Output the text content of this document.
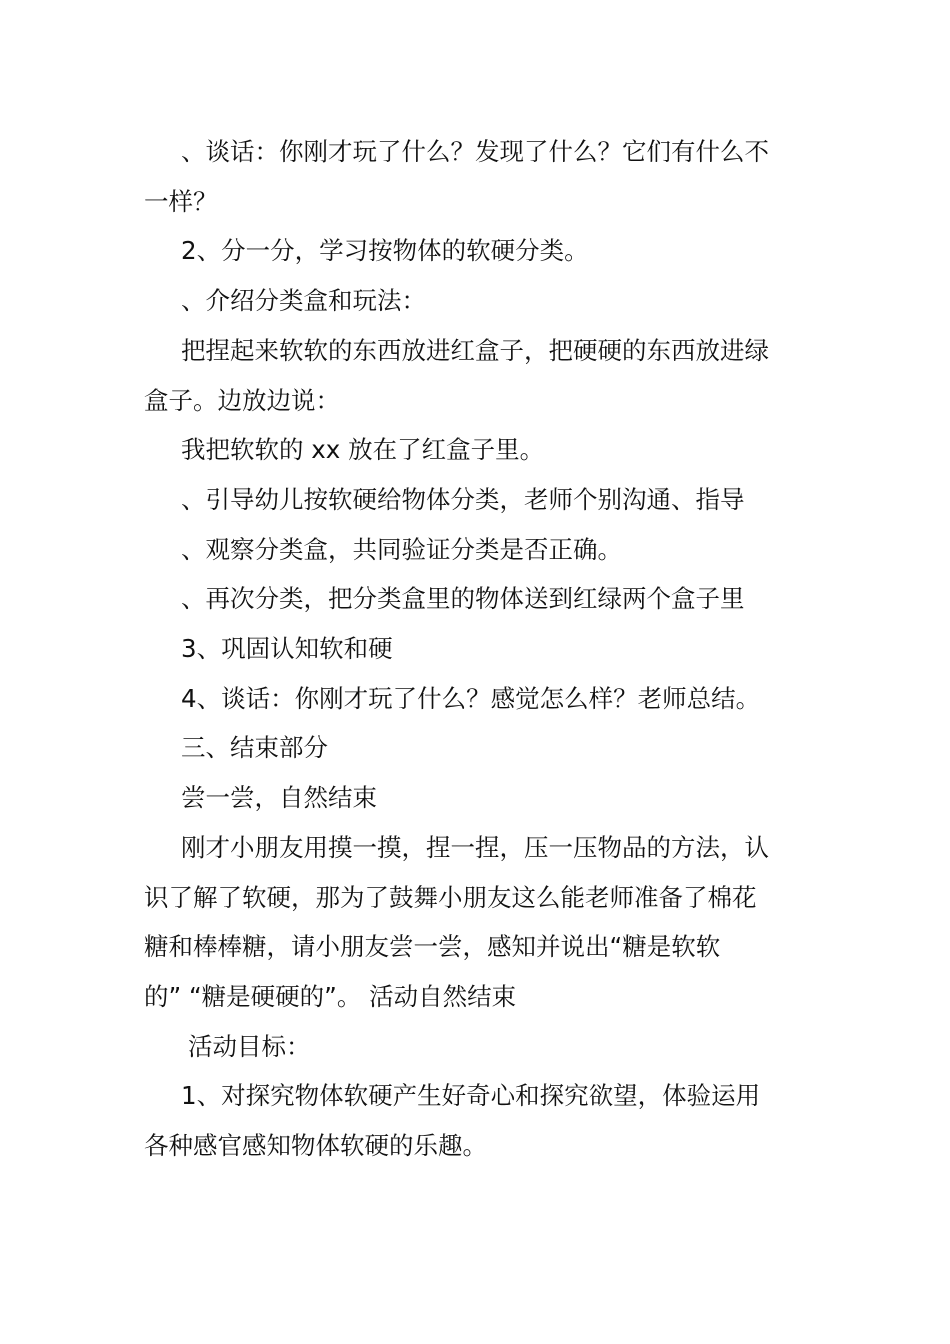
、谈话：你刚才玩了什么？发现了什么？它们有什么不
一样？

2、分一分，学习按物体的软硬分类。

、介绍分类盒和玩法：

把捏起来软软的东西放进红盒子，把硬硬的东西放进绿
盒子。边放边说：

我把软软的 xx 放在了红盒子里。

、引导幼儿按软硬给物体分类，老师个别沟通、指导

、观察分类盒，共同验证分类是否正确。

、再次分类，把分类盒里的物体送到红绿两个盒子里

3、巩固认知软和硬

4、谈话：你刚才玩了什么？感觉怎么样？老师总结。

三、结束部分

尝一尝，自然结束

刚才小朋友用摸一摸，捏一捏，压一压物品的方法，认
识了解了软硬，那为了鼓舞小朋友这么能老师准备了棉花
糖和棒棒糖，请小朋友尝一尝，感知并说出“糖是软软
的” “糖是硬硬的”。 活动自然结束

活动目标：

1、对探究物体软硬产生好奇心和探究欲望，体验运用
各种感官感知物体软硬的乐趣。
